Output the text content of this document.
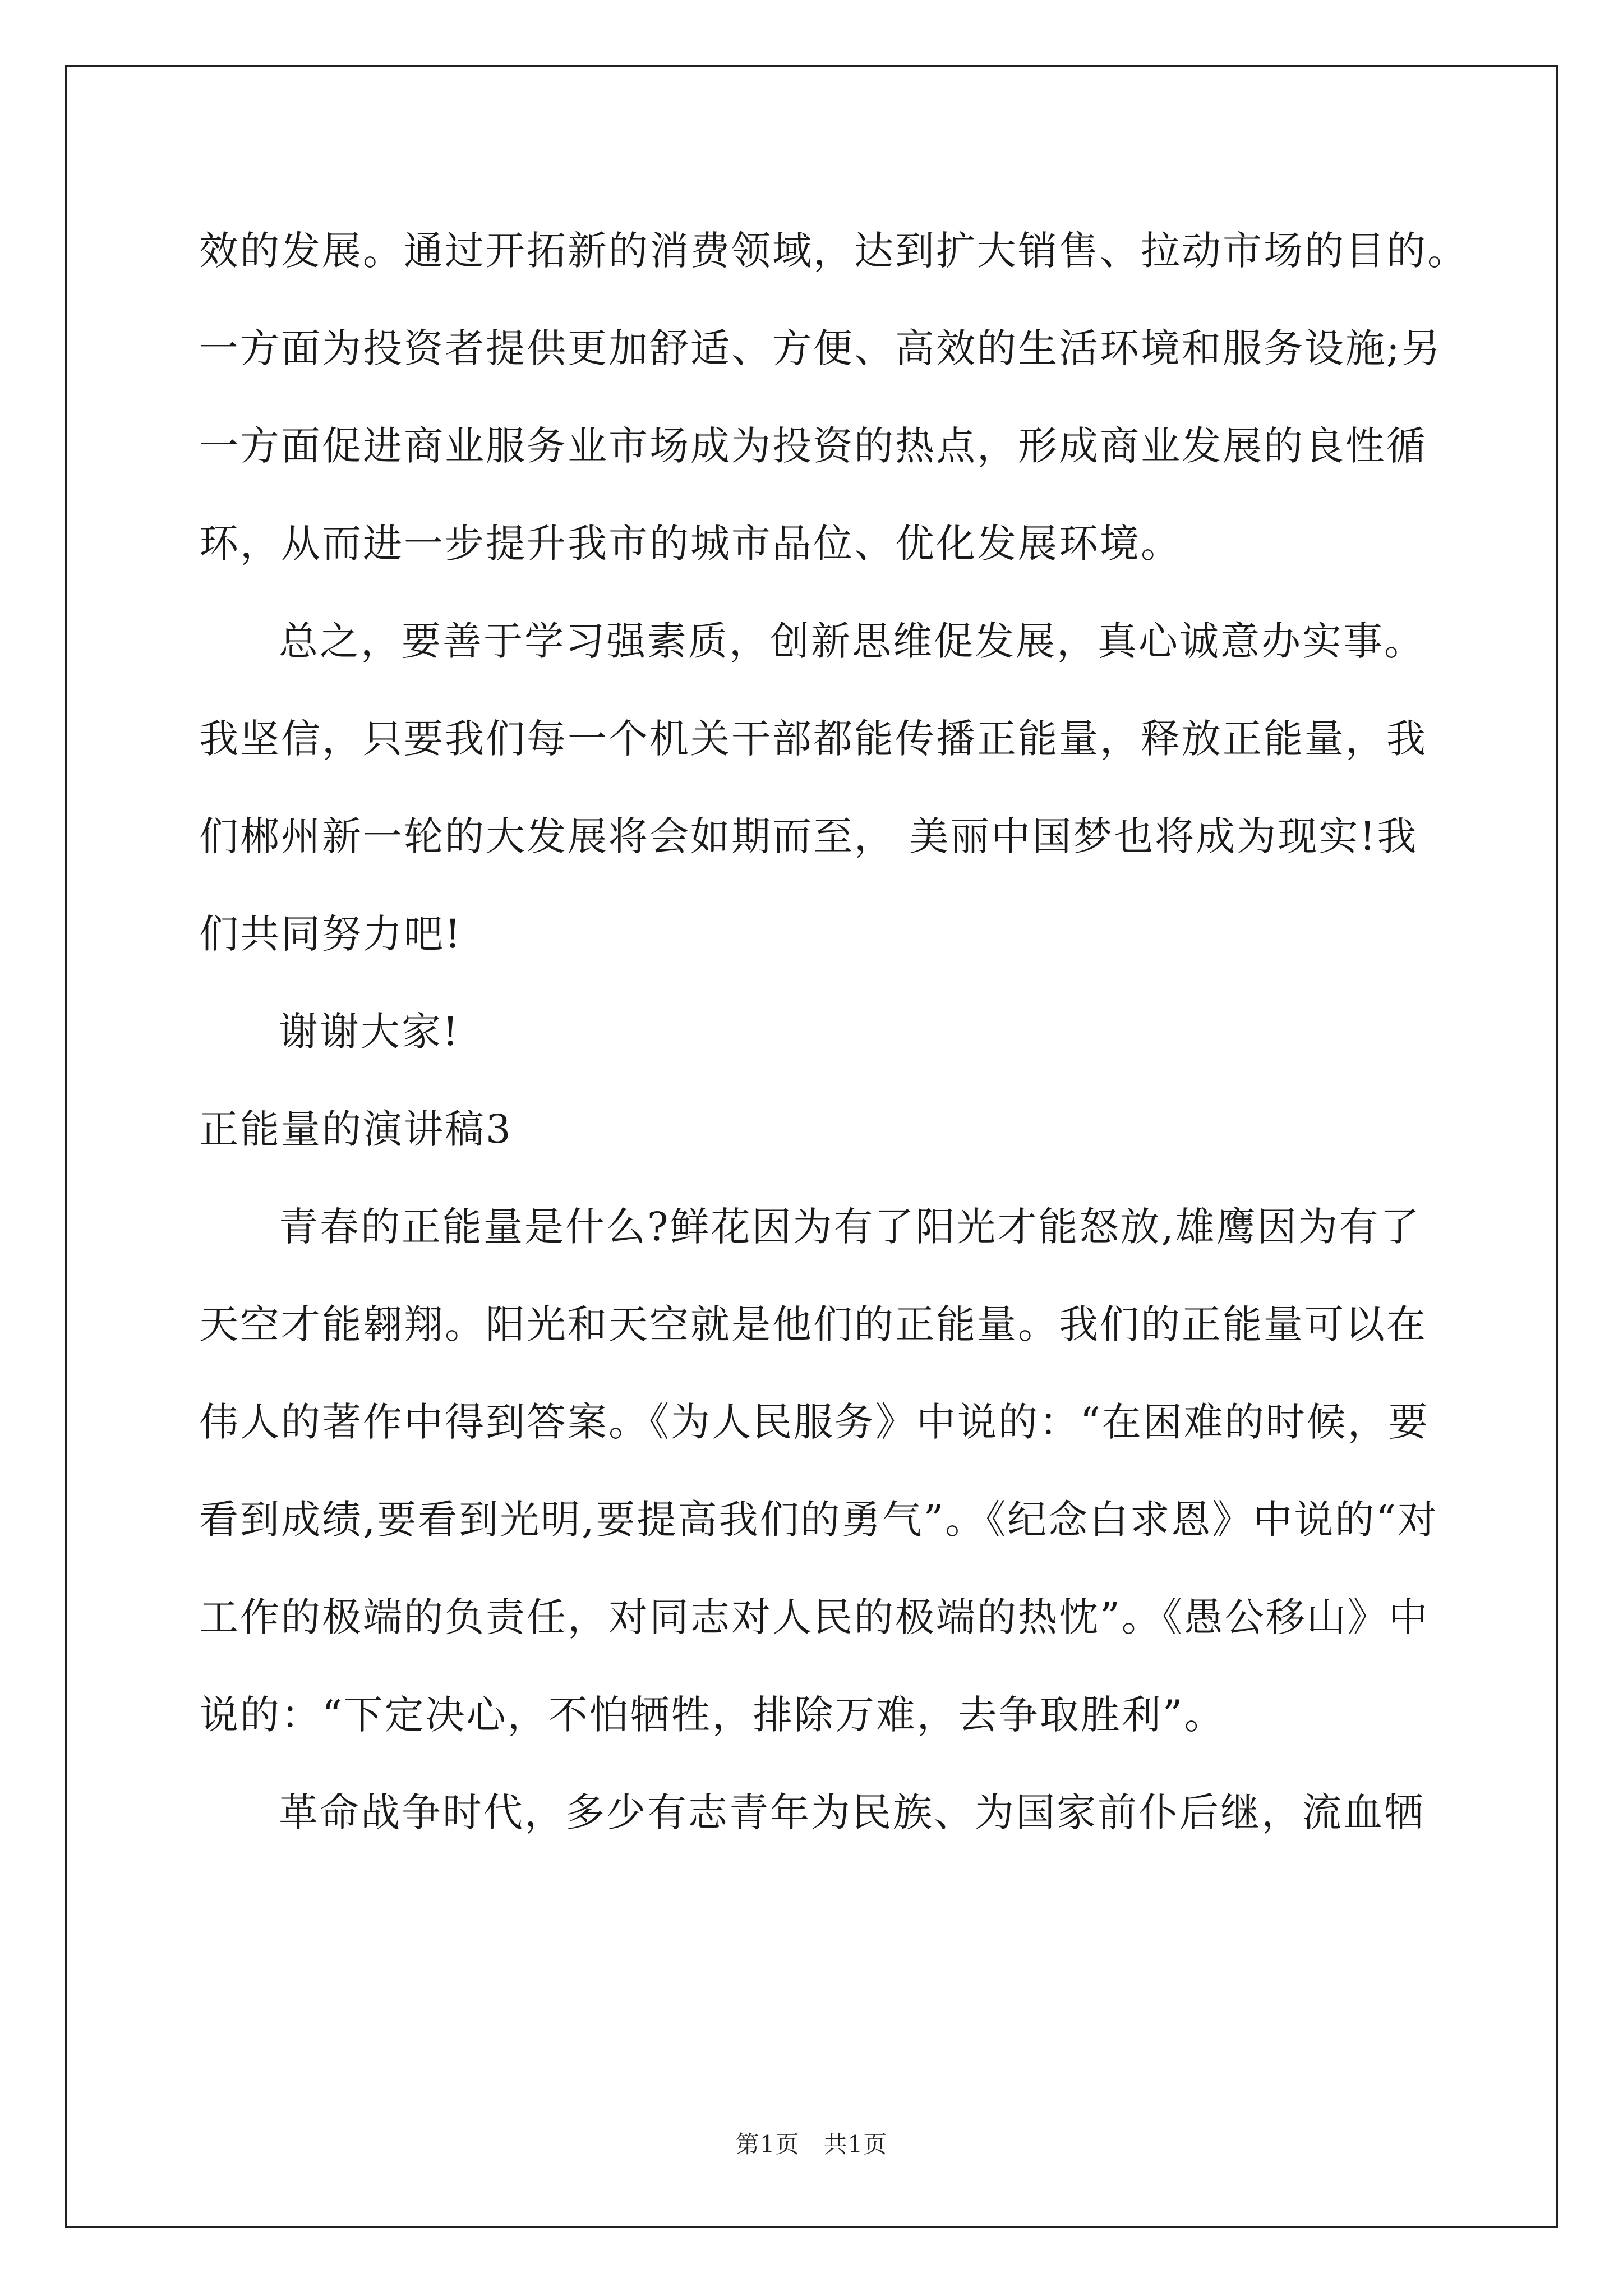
效的发展。通过开拓新的消费领域，达到扩大销售、拉动市场的目的。
一方面为投资者提供更加舒适、方便、高效的生活环境和服务设施;另
一方面促进商业服务业市场成为投资的热点，形成商业发展的良性循
环，从而进一步提升我市的城市品位、优化发展环境。
总之，要善于学习强素质，创新思维促发展，真心诚意办实事。
我坚信，只要我们每一个机关干部都能传播正能量，释放正能量，我
们郴州新一轮的大发展将会如期而至， 美丽中国梦也将成为现实!我
们共同努力吧!
谢谢大家!
正能量的演讲稿3
青春的正能量是什么?鲜花因为有了阳光才能怒放,雄鹰因为有了
天空才能翱翔。阳光和天空就是他们的正能量。我们的正能量可以在
伟人的著作中得到答案。《为人民服务》中说的：“在困难的时候，要
看到成绩,要看到光明,要提高我们的勇气”。《纪念白求恩》中说的“对
工作的极端的负责任，对同志对人民的极端的热忱”。《愚公移山》中
说的：“下定决心，不怕牺牲，排除万难，去争取胜利”。
革命战争时代，多少有志青年为民族、为国家前仆后继，流血牺
第1页　共1页
